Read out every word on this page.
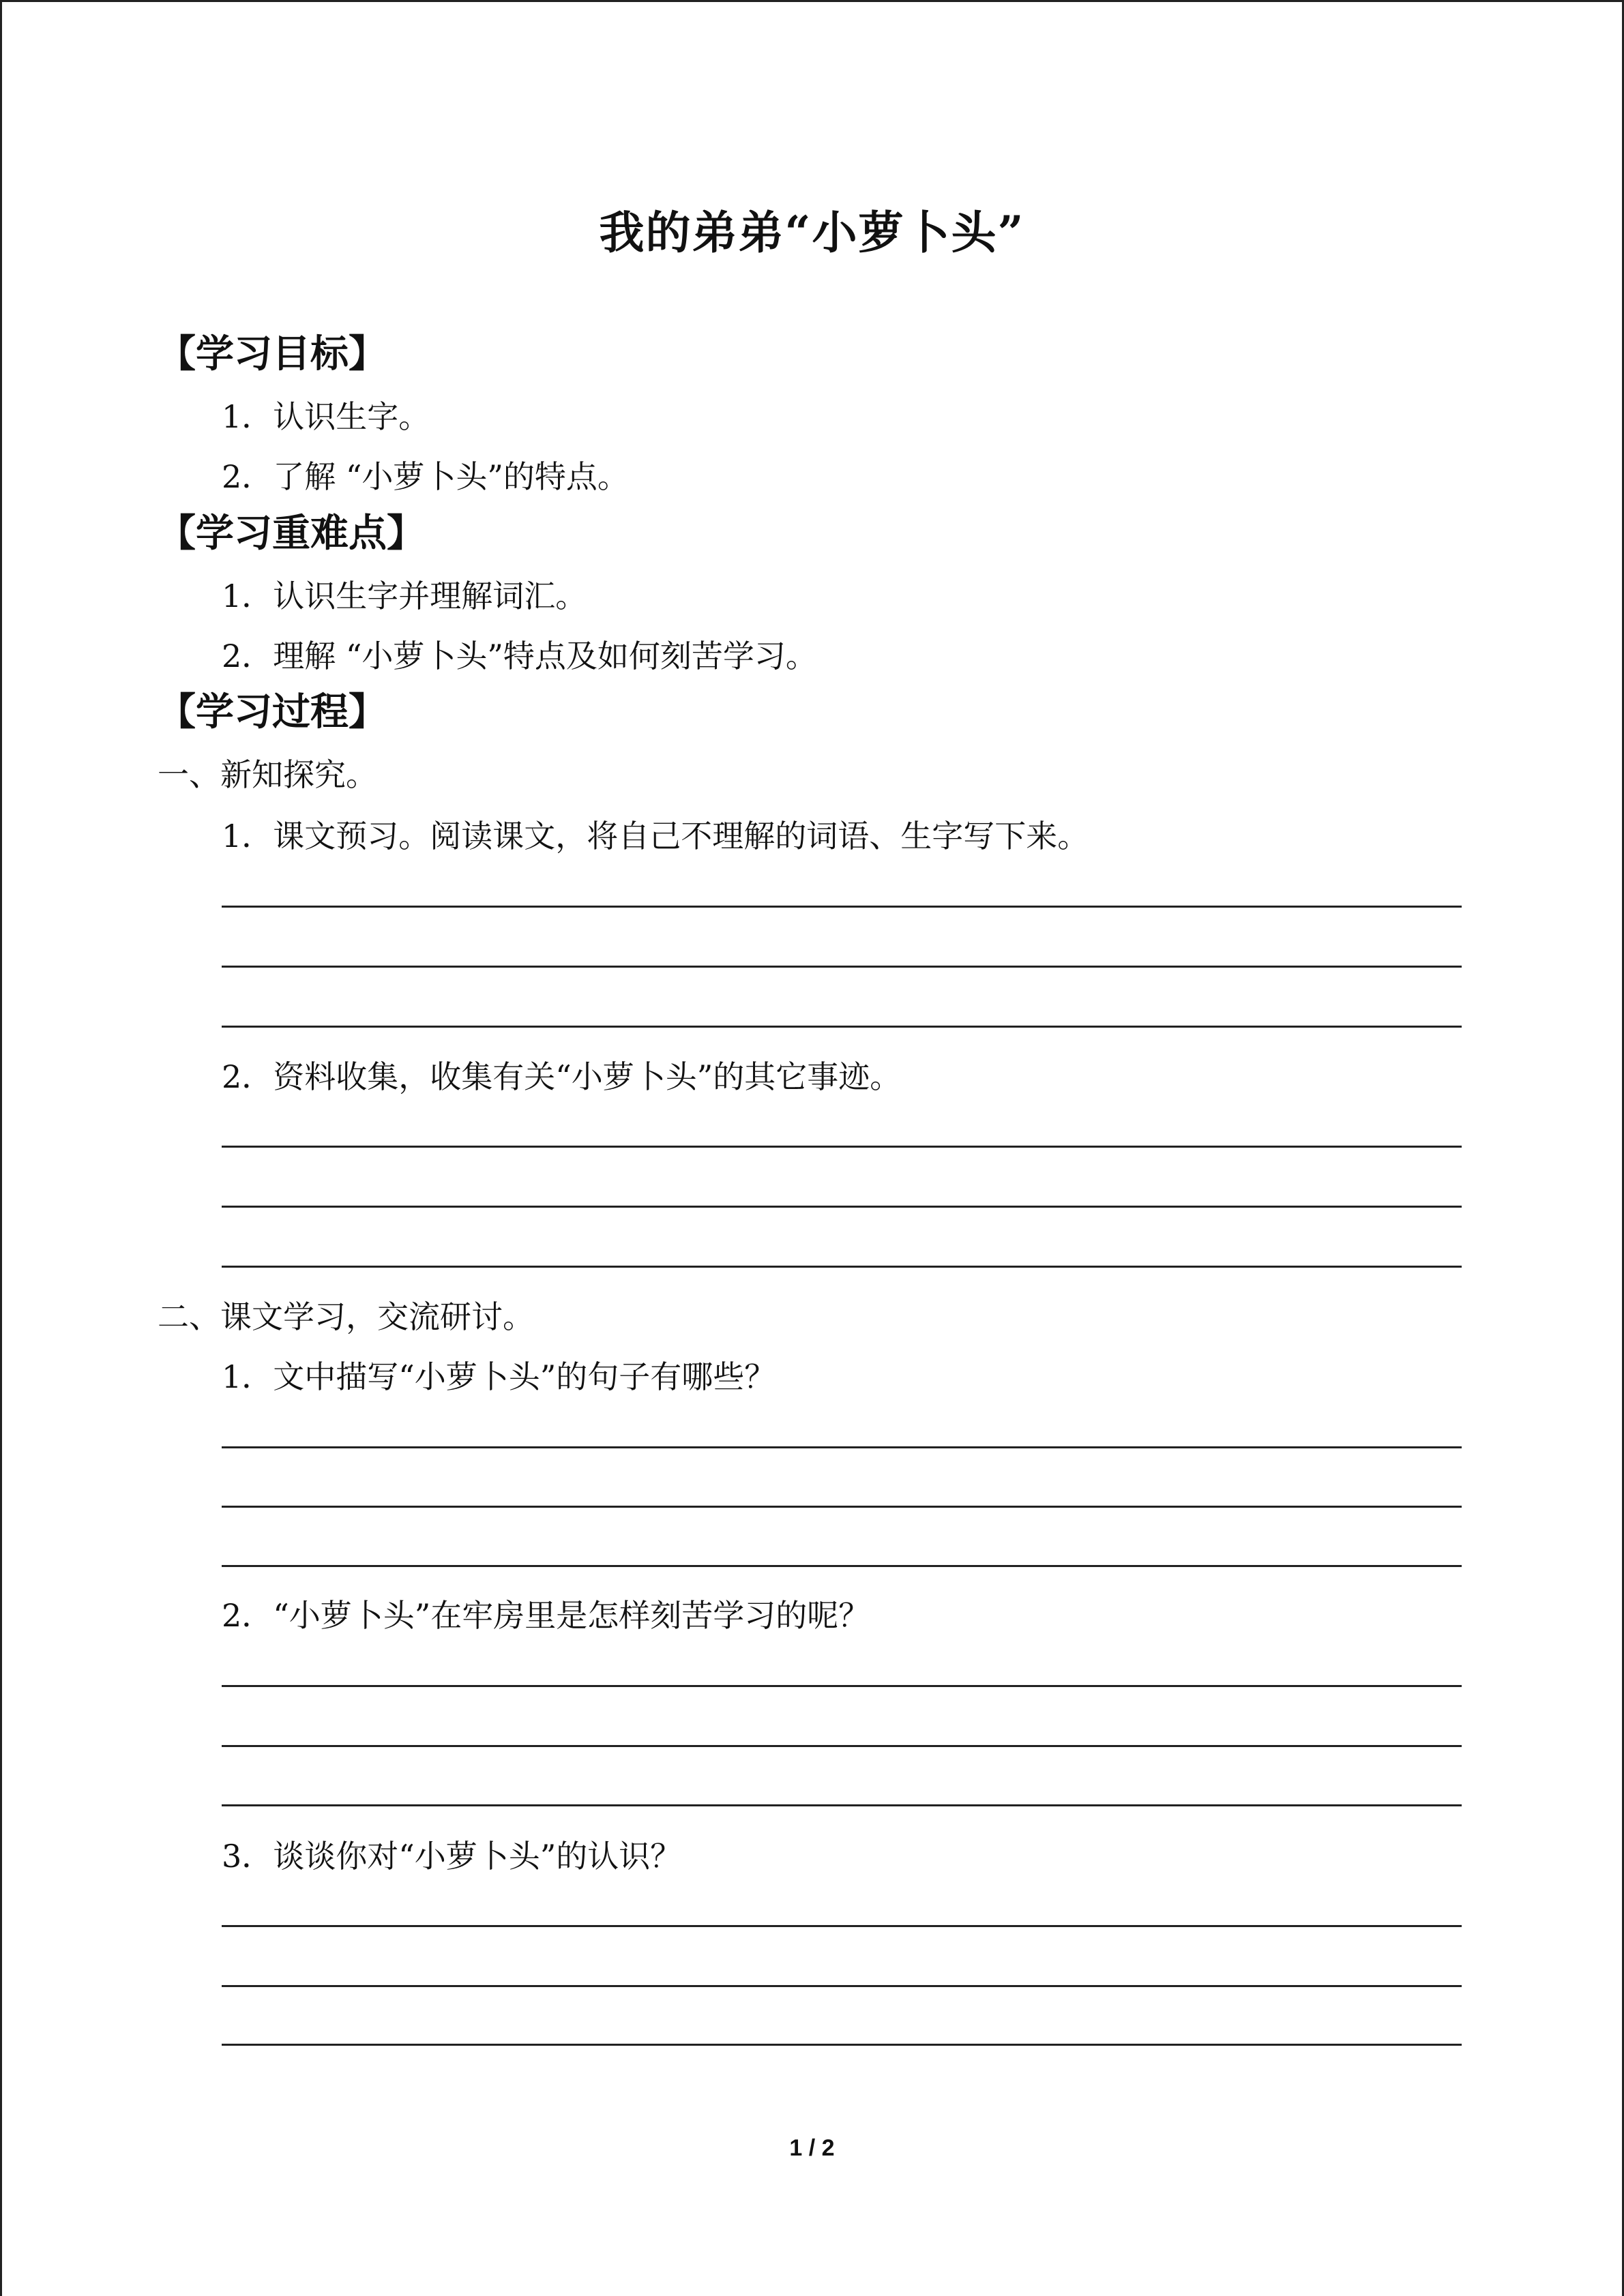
我的弟弟“小萝卜头”
【学习目标】
1．认识生字。
2．了解 “小萝卜头”的特点。
【学习重难点】
1．认识生字并理解词汇。
2．理解 “小萝卜头”特点及如何刻苦学习。
【学习过程】
一、新知探究。
1．课文预习。阅读课文，将自己不理解的词语、生字写下来。
2．资料收集，收集有关“小萝卜头”的其它事迹。
二、课文学习，交流研讨。
1．文中描写“小萝卜头”的句子有哪些？
2．“小萝卜头”在牢房里是怎样刻苦学习的呢？
3．谈谈你对“小萝卜头”的认识？
1 / 2
